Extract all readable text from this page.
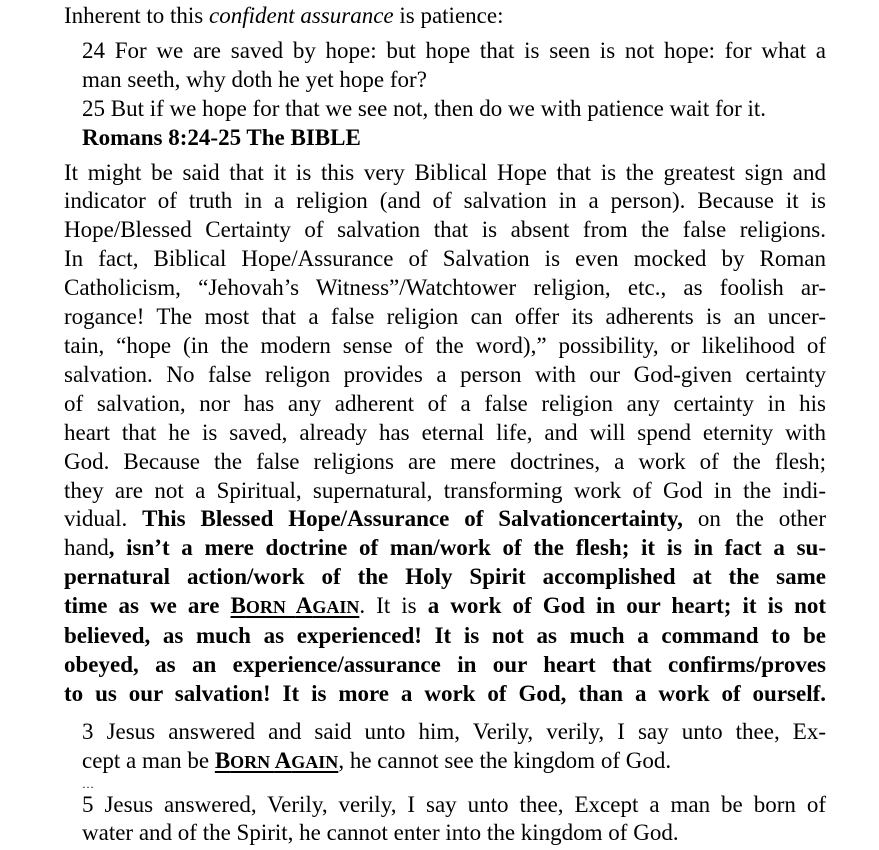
Inherent to this confident assurance is patience:

24 For we are saved by hope: but hope that is seen is not hope: for what a

man seeth, why doth he yet hope for?

25 But if we hope for that we see not, then do we with patience wait for it.

Romans 8:24-25 The BIBLE

It might be said that it is this very Biblical Hope that is the greatest sign and

indicator of truth in a religion (and of salvation in a person). Because it is

Hope/Blessed Certainty of salvation that is absent from the false religions.

In fact, Biblical Hope/Assurance of Salvation is even mocked by Roman

Catholicism, “Jehovah’s Witness”/Watchtower religion, etc., as foolish ar-

rogance! The most that a false religion can offer its adherents is an uncer-

tain, “hope (in the modern sense of the word),” possibility, or likelihood of

salvation. No false religon provides a person with our God-given certainty

of salvation, nor has any adherent of a false religion any certainty in his

heart that he is saved, already has eternal life, and will spend eternity with

God. Because the false religions are mere doctrines, a work of the flesh;

they are not a Spiritual, supernatural, transforming work of God in the indi-

vidual. This Blessed Hope/Assurance of Salvationcertainty, on the other

hand, isn’t a mere doctrine of man/work of the flesh; it is in fact a su-

pernatural action/work of the Holy Spirit accomplished at the same

time as we are BORN AGAIN. It is a work of God in our heart; it is not

believed, as much as experienced! It is not as much a command to be

obeyed, as an experience/assurance in our heart that confirms/proves

to us our salvation! It is more a work of God, than a work of ourself.

3 Jesus answered and said unto him, Verily, verily, I say unto thee, Ex-

cept a man be BORN AGAIN, he cannot see the kingdom of God.

…

5 Jesus answered, Verily, verily, I say unto thee, Except a man be born of

water and of the Spirit, he cannot enter into the kingdom of God.
